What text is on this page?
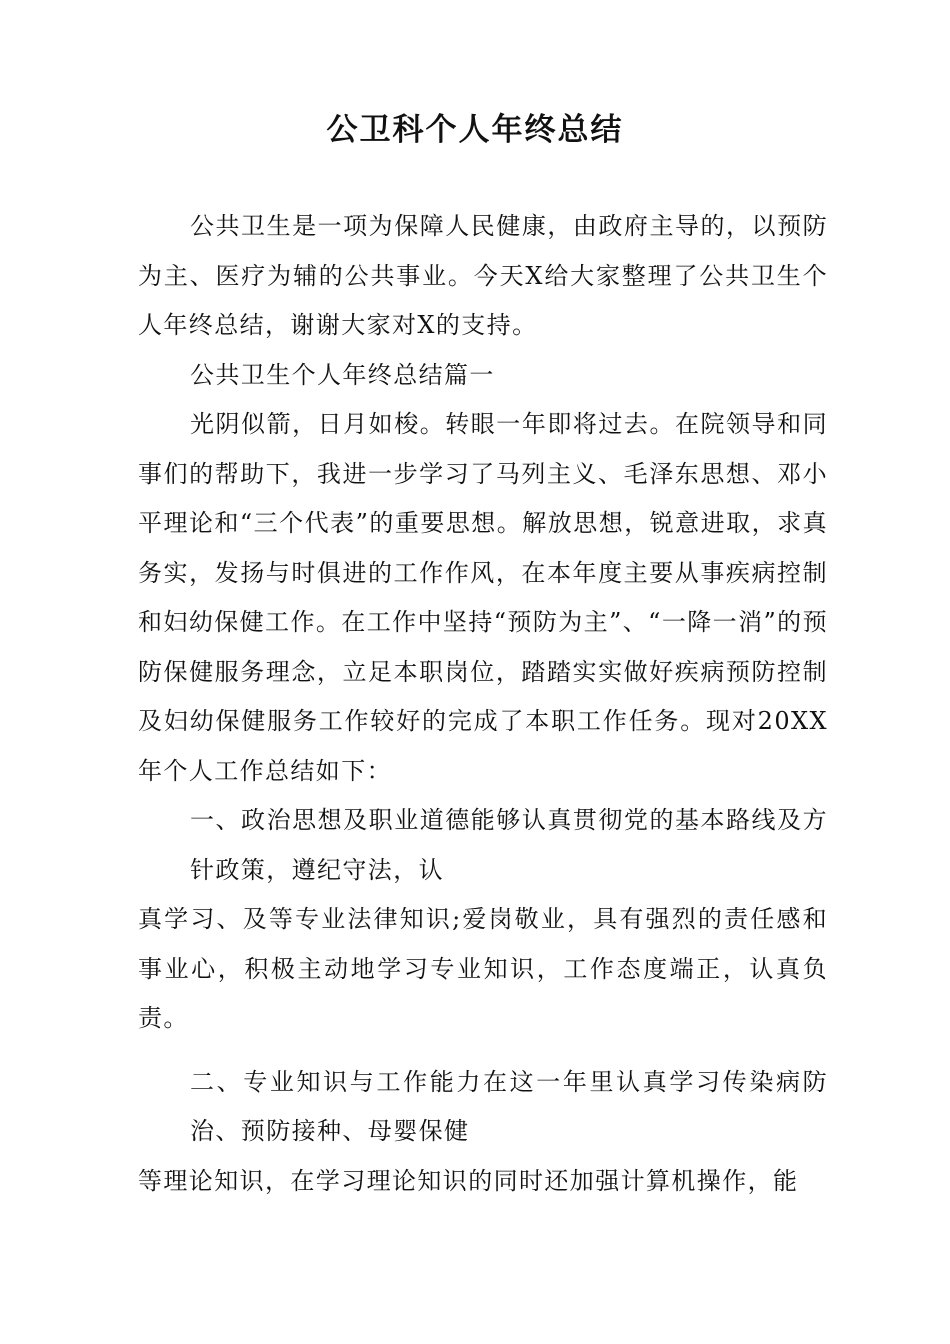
公卫科个人年终总结

公共卫生是一项为保障人民健康，由政府主导的，以预防为主、医疗为辅的公共事业。今天X给大家整理了公共卫生个人年终总结，谢谢大家对X的支持。

公共卫生个人年终总结篇一

光阴似箭，日月如梭。转眼一年即将过去。在院领导和同事们的帮助下，我进一步学习了马列主义、毛泽东思想、邓小平理论和“三个代表”的重要思想。解放思想，锐意进取，求真务实，发扬与时俱进的工作作风，在本年度主要从事疾病控制和妇幼保健工作。在工作中坚持“预防为主”、“一降一消”的预防保健服务理念，立足本职岗位，踏踏实实做好疾病预防控制及妇幼保健服务工作较好的完成了本职工作任务。现对20XX年个人工作总结如下：

一、政治思想及职业道德能够认真贯彻党的基本路线及方针政策，遵纪守法，认

真学习、及等专业法律知识;爱岗敬业，具有强烈的责任感和事业心，积极主动地学习专业知识，工作态度端正，认真负责。

二、专业知识与工作能力在这一年里认真学习传染病防治、预防接种、母婴保健

等理论知识，在学习理论知识的同时还加强计算机操作，能
